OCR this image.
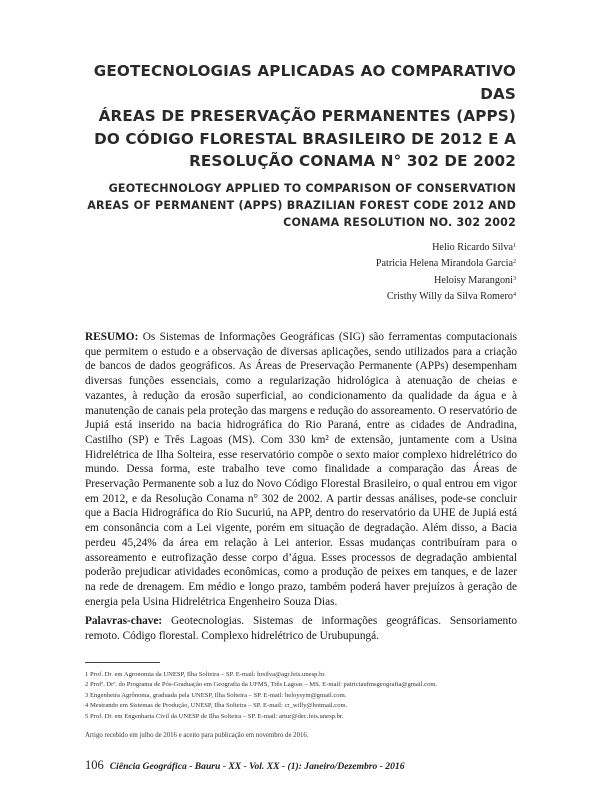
GEOTECNOLOGIAS APLICADAS AO COMPARATIVO DAS
ÁREAS DE PRESERVAÇÃO PERMANENTES (APPS)
DO CÓDIGO FLORESTAL BRASILEIRO DE 2012 E A
RESOLUÇÃO CONAMA N° 302 DE 2002
GEOTECHNOLOGY APPLIED TO COMPARISON OF CONSERVATION
AREAS OF PERMANENT (APPS) BRAZILIAN FOREST CODE 2012 AND
CONAMA RESOLUTION NO. 302 2002
Helio Ricardo Silva$^1$
Patricia Helena Mirandola Garcia$^2$
Heloisy Marangoni$^3$
Cristhy Willy da Silva Romero$^4$
RESUMO: Os Sistemas de Informações Geográficas (SIG) são ferramentas computacionais que permitem o estudo e a observação de diversas aplicações, sendo utilizados para a criação de bancos de dados geográficos. As Áreas de Preservação Permanente (APPs) desempenham diversas funções essenciais, como a regularização hidrológica à atenuação de cheias e vazantes, à redução da erosão superficial, ao condicionamento da qualidade da água e à manutenção de canais pela proteção das margens e redução do assoreamento. O reservatório de Jupiá está inserido na bacia hidrográfica do Rio Paraná, entre as cidades de Andradina, Castilho (SP) e Três Lagoas (MS). Com 330 km² de extensão, juntamente com a Usina Hidrelétrica de Ilha Solteira, esse reservatório compõe o sexto maior complexo hidrelétrico do mundo. Dessa forma, este trabalho teve como finalidade a comparação das Áreas de Preservação Permanente sob a luz do Novo Código Florestal Brasileiro, o qual entrou em vigor em 2012, e da Resolução Conama n° 302 de 2002. A partir dessas análises, pode-se concluir que a Bacia Hidrográfica do Rio Sucuriú, na APP, dentro do reservatório da UHE de Jupiá está em consonância com a Lei vigente, porém em situação de degradação. Além disso, a Bacia perdeu 45,24% da área em relação à Lei anterior. Essas mudanças contribuíram para o assoreamento e eutrofização desse corpo d’água. Esses processos de degradação ambiental poderão prejudicar atividades econômicas, como a produção de peixes em tanques, e de lazer na rede de drenagem. Em médio e longo prazo, também poderá haver prejuízos à geração de energia pela Usina Hidrelétrica Engenheiro Souza Dias.
Palavras-chave: Geotecnologias. Sistemas de informações geográficas. Sensoriamento remoto. Código florestal. Complexo hidrelétrico de Urubupungá.
1 Prof. Dr. em Agronomia da UNESP, Ilha Solteira – SP. E-mail: hrsilva@agr.feis.unesp.br.
2 Profª. Drª. do Programa de Pós-Graduação em Geografia da UFMS, Três Lagoas – MS. E-mail: patriciaufmsgeografia@gmail.com.
3 Engenheira Agrônoma, graduada pela UNESP, Ilha Solteira – SP. E-mail: heloysym@gmail.com.
4 Mestrando em Sistemas de Produção, UNESP, Ilha Solteira – SP. E-mail: cr_willy@hotmail.com.
5 Prof. Dr. em Engenharia Civil da UNESP de Ilha Solteira – SP. E-mail: artur@dec.feis.unesp.br.
Artigo recebido em julho de 2016 e aceito para publicação em novembro de 2016.
106 Ciência Geográfica - Bauru - XX - Vol. XX - (1): Janeiro/Dezembro - 2016
